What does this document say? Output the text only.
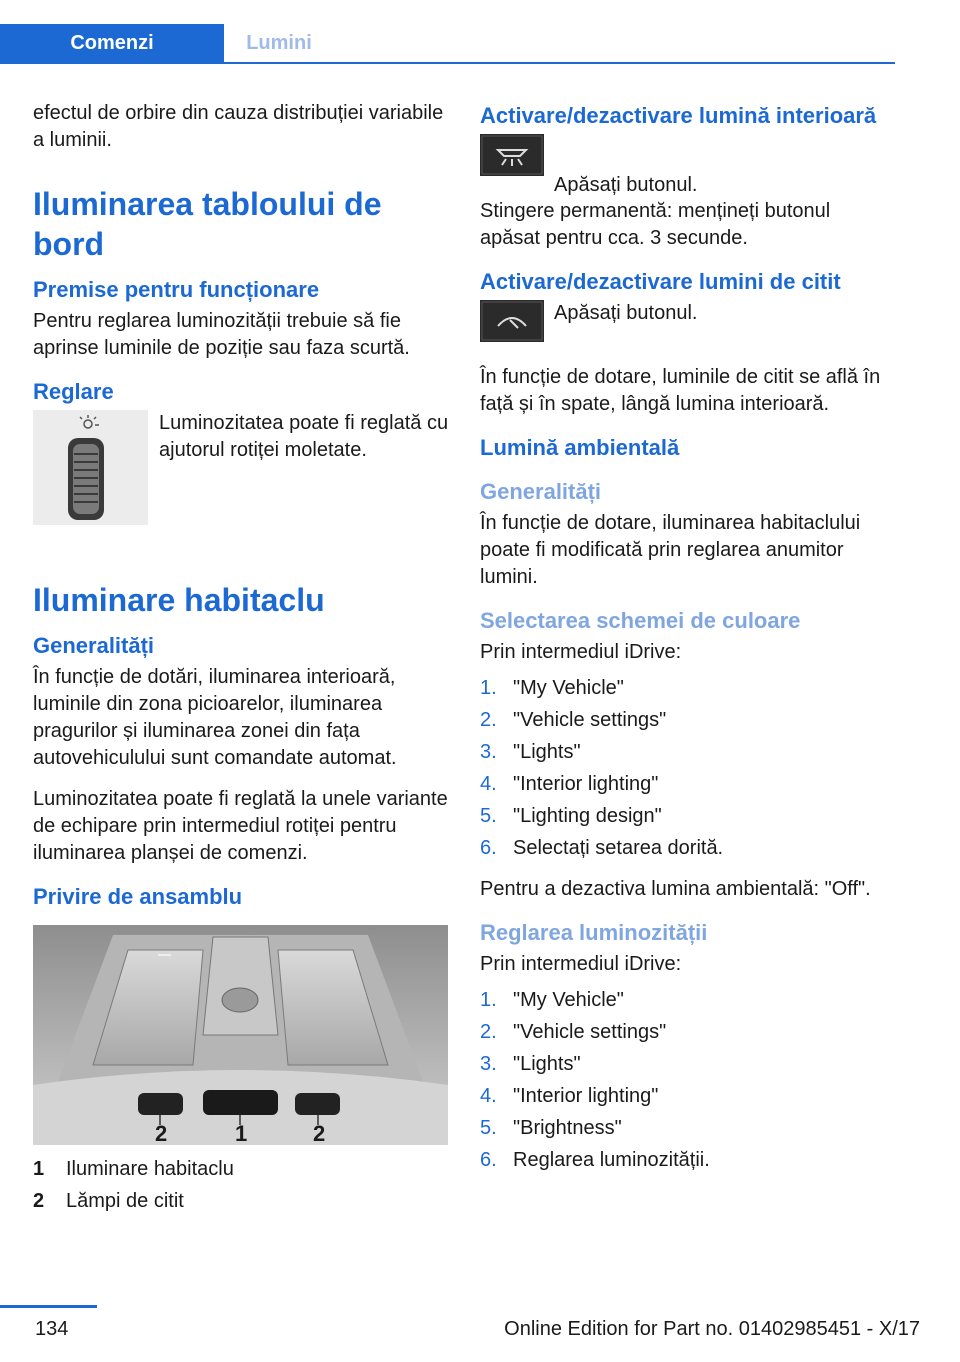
Comenzi	Lumini

efectul de orbire din cauza distribuției variabile a luminii.

Iluminarea tabloului de bord
Premise pentru funcționare

Pentru reglarea luminozității trebuie să fie aprinse luminile de poziție sau faza scurtă.

Reglare
Luminozitatea poate fi reglată cu ajutorul rotiței moletate.
Iluminare habitaclu
Generalități

În funcție de dotări, iluminarea interioară, luminile din zona picioarelor, iluminarea pragurilor și iluminarea zonei din fața autovehiculului sunt comandate automat.

Luminozitatea poate fi reglată la unele variante de echipare prin intermediul rotiței pentru iluminarea planșei de comenzi.

Privire de ansamblu
2	1	2
1 Iluminare habitaclu
2 Lămpi de citit
Activare/dezactivare lumină interioară
Apăsați butonul.

Stingere permanentă: mențineți butonul apăsat pentru cca. 3 secunde.

Activare/dezactivare lumini de citit
Apăsați butonul.

În funcție de dotare, luminile de citit se află în față și în spate, lângă lumina interioară.

Lumină ambientală
Generalități

În funcție de dotare, iluminarea habitaclului poate fi modificată prin reglarea anumitor lumini.

Selectarea schemei de culoare

Prin intermediul iDrive:

1. "My Vehicle"
2. "Vehicle settings"
3. "Lights"
4. "Interior lighting"
5. "Lighting design"
6. Selectați setarea dorită.

Pentru a dezactiva lumina ambientală: "Off".

Reglarea luminozității

Prin intermediul iDrive:

1. "My Vehicle"
2. "Vehicle settings"
3. "Lights"
4. "Interior lighting"
5. "Brightness"
6. Reglarea luminozității.
134	Online Edition for Part no. 01402985451 - X/17
